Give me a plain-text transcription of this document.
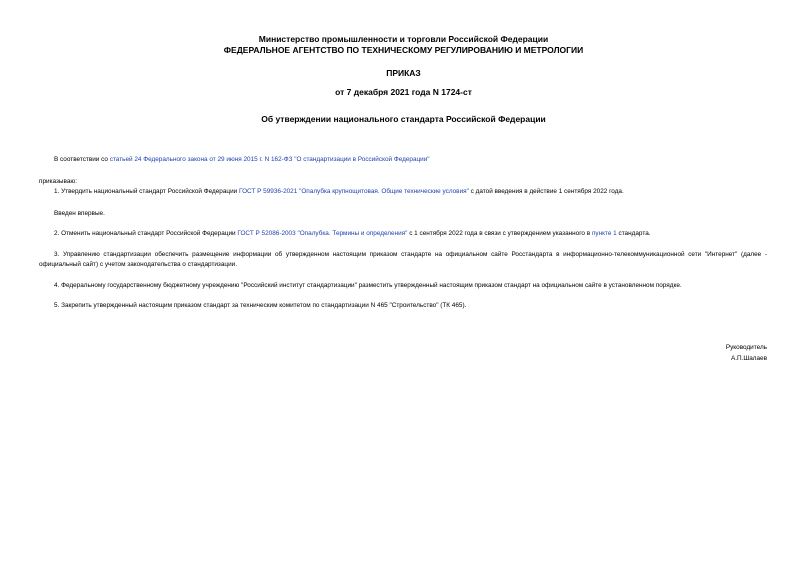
Министерство промышленности и торговли Российской Федерации
ФЕДЕРАЛЬНОЕ АГЕНТСТВО ПО ТЕХНИЧЕСКОМУ РЕГУЛИРОВАНИЮ И МЕТРОЛОГИИ
ПРИКАЗ
от 7 декабря 2021 года N 1724-ст
Об утверждении национального стандарта Российской Федерации
В соответствии со статьей 24 Федерального закона от 29 июня 2015 г. N 162-ФЗ "О стандартизации в Российской Федерации"
приказываю:
1. Утвердить национальный стандарт Российской Федерации ГОСТ Р 59936-2021 "Опалубка крупнощитовая. Общие технические условия" с датой введения в действие 1 сентября 2022 года.
Введен впервые.
2. Отменить национальный стандарт Российской Федерации ГОСТ Р 52086-2003 "Опалубка. Термины и определения" с 1 сентября 2022 года в связи с утверждением указанного в пункте 1 стандарта.
3. Управлению стандартизации обеспечить размещение информации об утвержденном настоящим приказом стандарте на официальном сайте Росстандарта в информационно-телекоммуникационной сети "Интернет" (далее - официальный сайт) с учетом законодательства о стандартизации.
4. Федеральному государственному бюджетному учреждению "Российский институт стандартизации" разместить утвержденный настоящим приказом стандарт на официальном сайте в установленном порядке.
5. Закрепить утвержденный настоящим приказом стандарт за техническим комитетом по стандартизации N 465 "Строительство" (ТК 465).
Руководитель
А.П.Шалаев
